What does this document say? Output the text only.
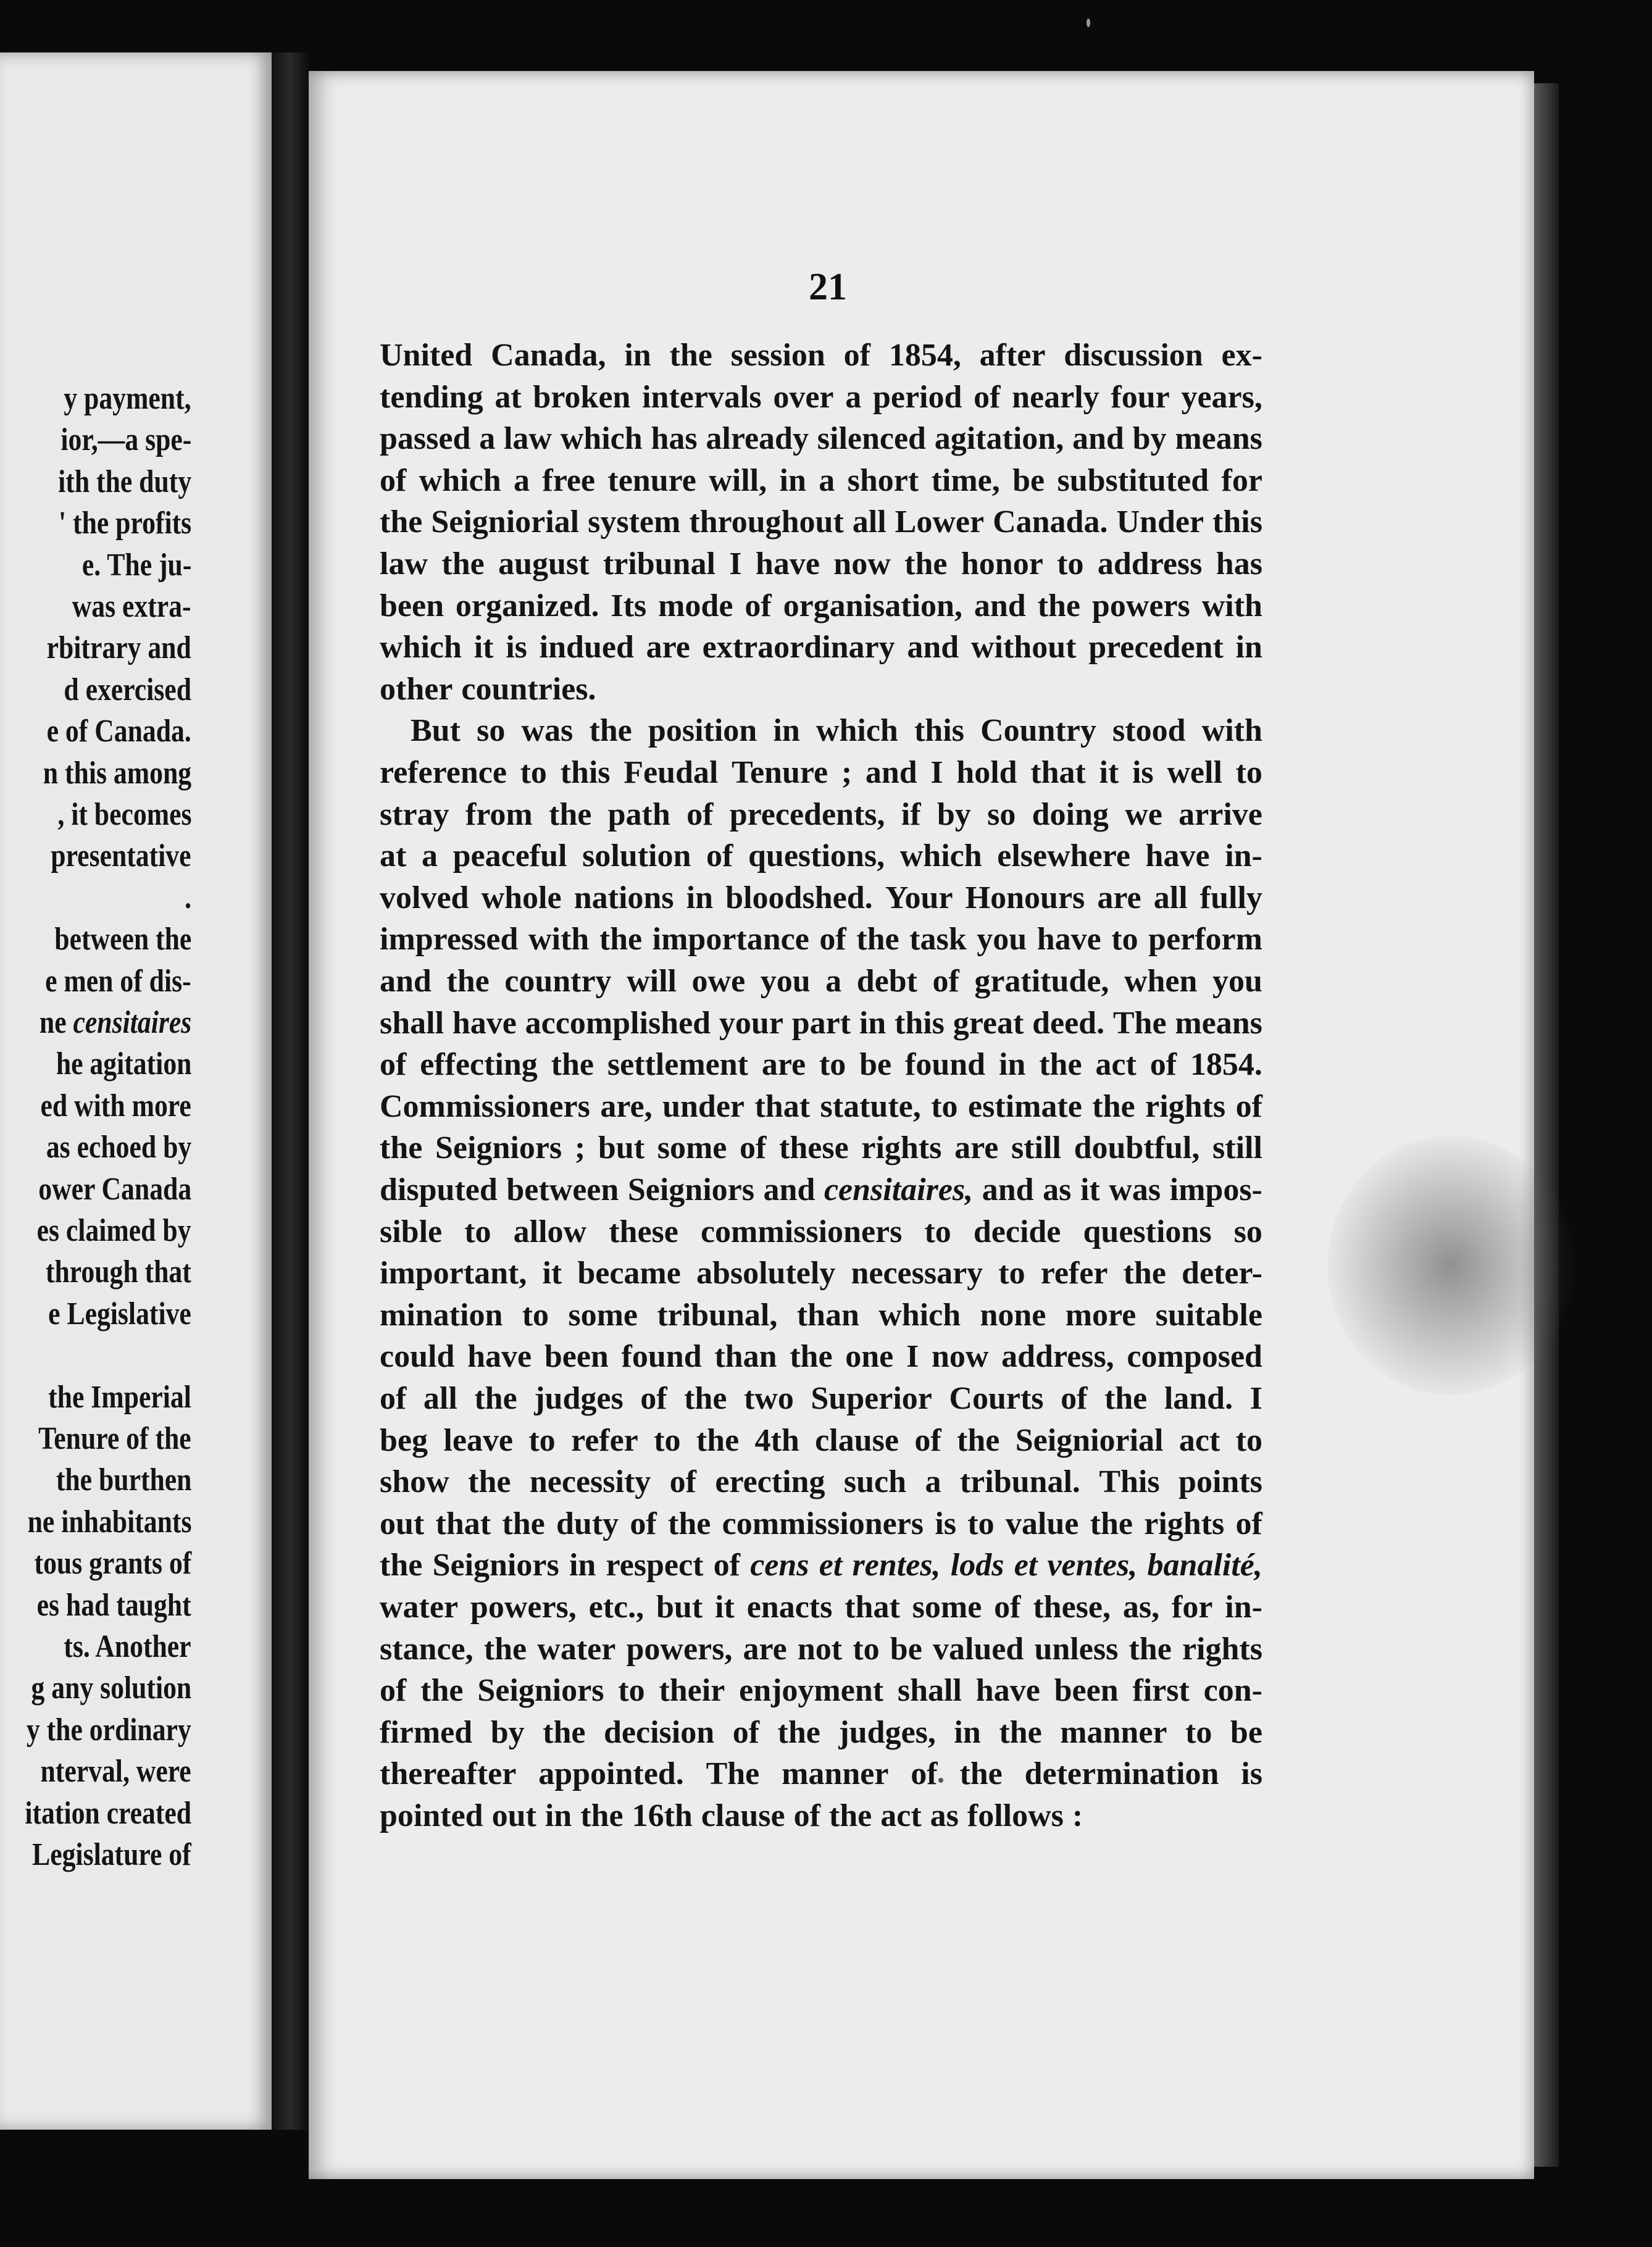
y payment,
ior,—a spe-
ith the duty
' the profits
e. The ju-
was extra-
rbitrary and
d exercised
e of Canada.
n this among
, it becomes
presentative
.
between the
e men of dis-
ne censitaires
he agitation
ed with more
as echoed by
ower Canada
es claimed by
through that
e Legislative
the Imperial
Tenure of the
the burthen
ne inhabitants
tous grants of
es had taught
ts. Another
g any solution
y the ordinary
nterval, were
itation created
Legislature of
21
United Canada, in the session of 1854, after discussion ex-
tending at broken intervals over a period of nearly four years,
passed a law which has already silenced agitation, and by means
of which a free tenure will, in a short time, be substituted for
the Seigniorial system throughout all Lower Canada. Under this
law the august tribunal I have now the honor to address has
been organized. Its mode of organisation, and the powers with
which it is indued are extraordinary and without precedent in
other countries.
But so was the position in which this Country stood with
reference to this Feudal Tenure ; and I hold that it is well to
stray from the path of precedents, if by so doing we arrive
at a peaceful solution of questions, which elsewhere have in-
volved whole nations in bloodshed. Your Honours are all fully
impressed with the importance of the task you have to perform
and the country will owe you a debt of gratitude, when you
shall have accomplished your part in this great deed. The means
of effecting the settlement are to be found in the act of 1854.
Commissioners are, under that statute, to estimate the rights of
the Seigniors ; but some of these rights are still doubtful, still
disputed between Seigniors and censitaires, and as it was impos-
sible to allow these commissioners to decide questions so
important, it became absolutely necessary to refer the deter-
mination to some tribunal, than which none more suitable
could have been found than the one I now address, composed
of all the judges of the two Superior Courts of the land. I
beg leave to refer to the 4th clause of the Seigniorial act to
show the necessity of erecting such a tribunal. This points
out that the duty of the commissioners is to value the rights of
the Seigniors in respect of cens et rentes, lods et ventes, banalité,
water powers, etc., but it enacts that some of these, as, for in-
stance, the water powers, are not to be valued unless the rights
of the Seigniors to their enjoyment shall have been first con-
firmed by the decision of the judges, in the manner to be
thereafter appointed. The manner of the determination is
pointed out in the 16th clause of the act as follows :
